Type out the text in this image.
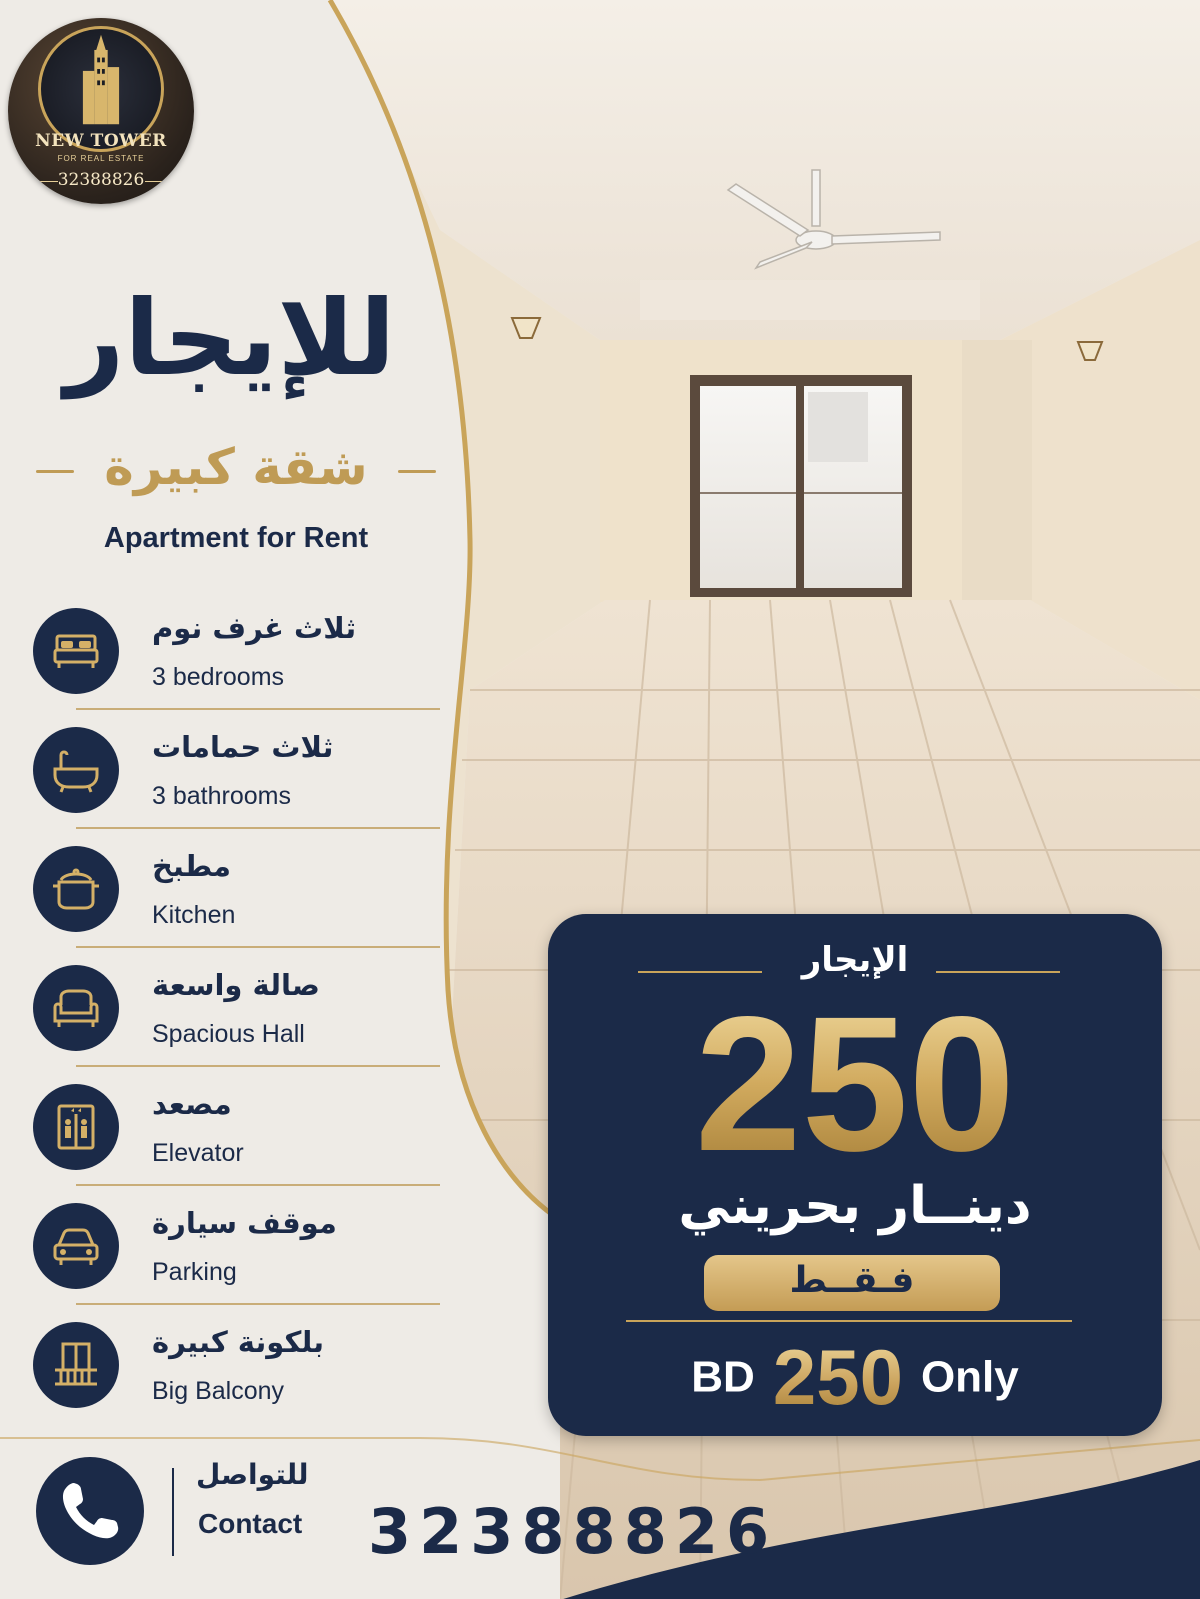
NEW TOWER
FOR REAL ESTATE
32388826
للإيجار
شقة كبيرة
Apartment for Rent
ثلاث غرف نوم
3 bedrooms
ثلاث حمامات
3 bathrooms
مطبخ
Kitchen
صالة واسعة
Spacious Hall
مصعد
Elevator
موقف سيارة
Parking
بلكونة كبيرة
Big Balcony
الإيجار
250
دينــار بحريني
فـقــط
BD 250 Only
للتواصل
Contact 32388826
